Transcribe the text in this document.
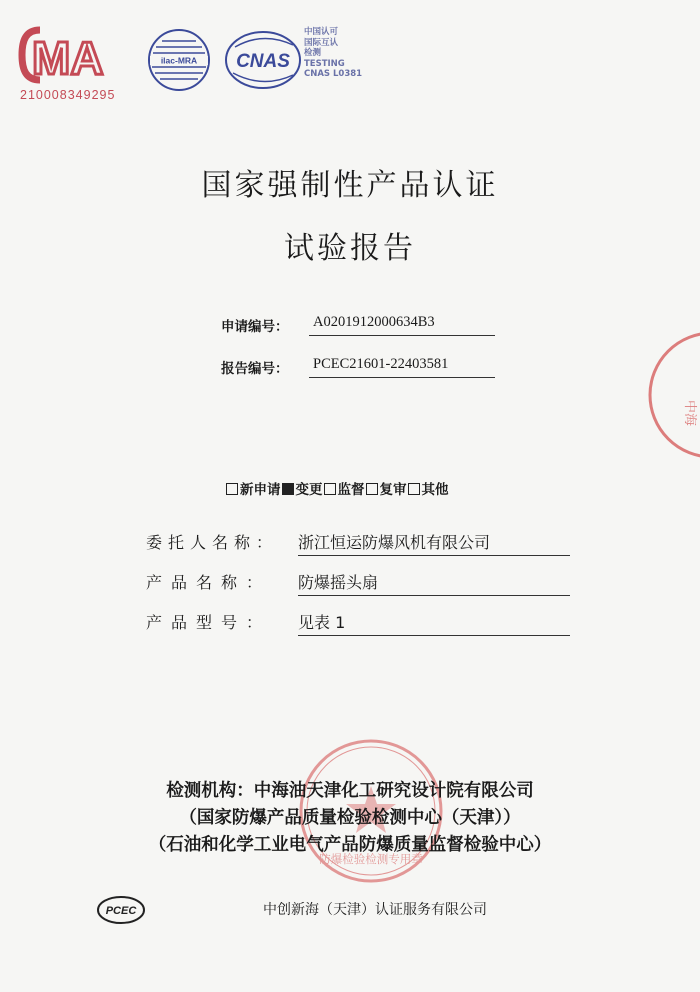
MA
210008349295
ilac-MRA CNAS
中国认可
国际互认
检测
TESTING
CNAS L0381
国家强制性产品认证
试验报告
申请编号： A0201912000634B3
报告编号： PCEC21601-22403581
新申请 变更 监督 复审 其他
委托人名称： 浙江恒运防爆风机有限公司
产品名称： 防爆摇头扇
产品型号： 见表 1
防爆检验检测专用章
中海
检测机构：中海油天津化工研究设计院有限公司
（国家防爆产品质量检验检测中心（天津））
（石油和化学工业电气产品防爆质量监督检验中心）
PCEC	中创新海（天津）认证服务有限公司
